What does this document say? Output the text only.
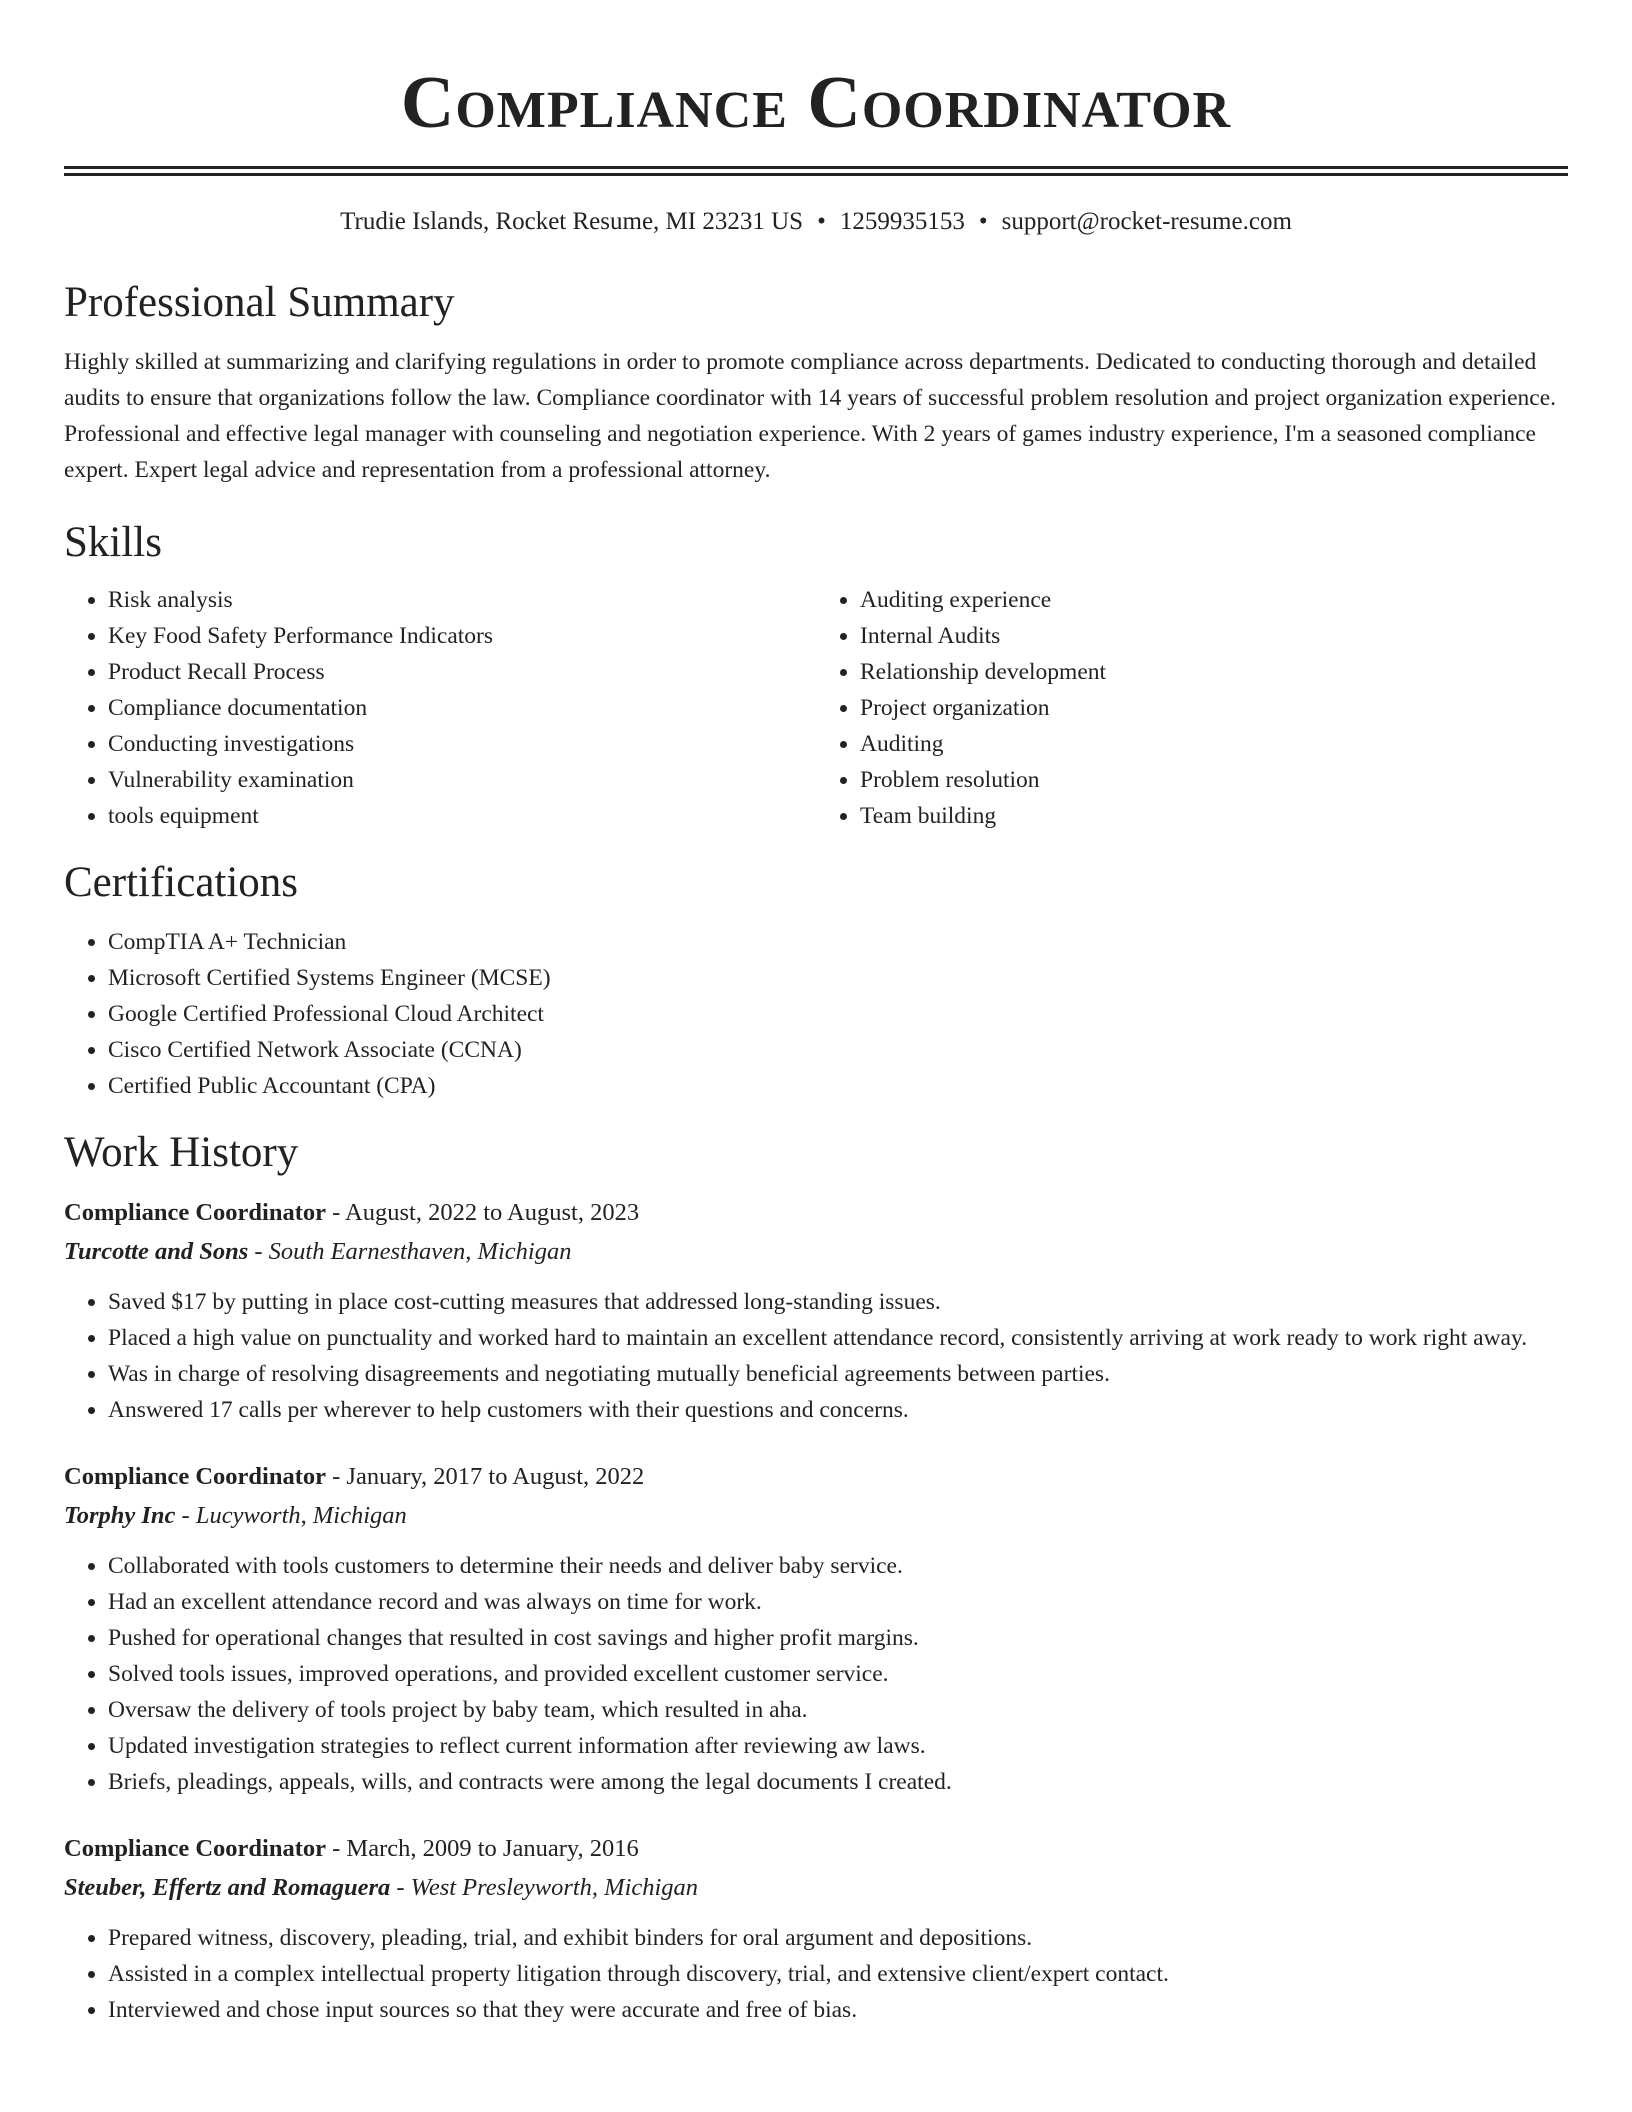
Compliance Coordinator
Trudie Islands, Rocket Resume, MI 23231 US • 1259935153 • support@rocket-resume.com
Professional Summary

Highly skilled at summarizing and clarifying regulations in order to promote compliance across departments. Dedicated to conducting thorough and detailed audits to ensure that organizations follow the law. Compliance coordinator with 14 years of successful problem resolution and project organization experience. Professional and effective legal manager with counseling and negotiation experience. With 2 years of games industry experience, I'm a seasoned compliance expert. Expert legal advice and representation from a professional attorney.

Skills
• Risk analysis
• Key Food Safety Performance Indicators
• Product Recall Process
• Compliance documentation
• Conducting investigations
• Vulnerability examination
• tools equipment
• Auditing experience
• Internal Audits
• Relationship development
• Project organization
• Auditing
• Problem resolution
• Team building
Certifications
• CompTIA A+ Technician
• Microsoft Certified Systems Engineer (MCSE)
• Google Certified Professional Cloud Architect
• Cisco Certified Network Associate (CCNA)
• Certified Public Accountant (CPA)
Work History
Compliance Coordinator - August, 2022 to August, 2023
Turcotte and Sons - South Earnesthaven, Michigan
• Saved $17 by putting in place cost-cutting measures that addressed long-standing issues.
• Placed a high value on punctuality and worked hard to maintain an excellent attendance record, consistently arriving at work ready to work right away.
• Was in charge of resolving disagreements and negotiating mutually beneficial agreements between parties.
• Answered 17 calls per wherever to help customers with their questions and concerns.
Compliance Coordinator - January, 2017 to August, 2022
Torphy Inc - Lucyworth, Michigan
• Collaborated with tools customers to determine their needs and deliver baby service.
• Had an excellent attendance record and was always on time for work.
• Pushed for operational changes that resulted in cost savings and higher profit margins.
• Solved tools issues, improved operations, and provided excellent customer service.
• Oversaw the delivery of tools project by baby team, which resulted in aha.
• Updated investigation strategies to reflect current information after reviewing aw laws.
• Briefs, pleadings, appeals, wills, and contracts were among the legal documents I created.
Compliance Coordinator - March, 2009 to January, 2016
Steuber, Effertz and Romaguera - West Presleyworth, Michigan
• Prepared witness, discovery, pleading, trial, and exhibit binders for oral argument and depositions.
• Assisted in a complex intellectual property litigation through discovery, trial, and extensive client/expert contact.
• Interviewed and chose input sources so that they were accurate and free of bias.
